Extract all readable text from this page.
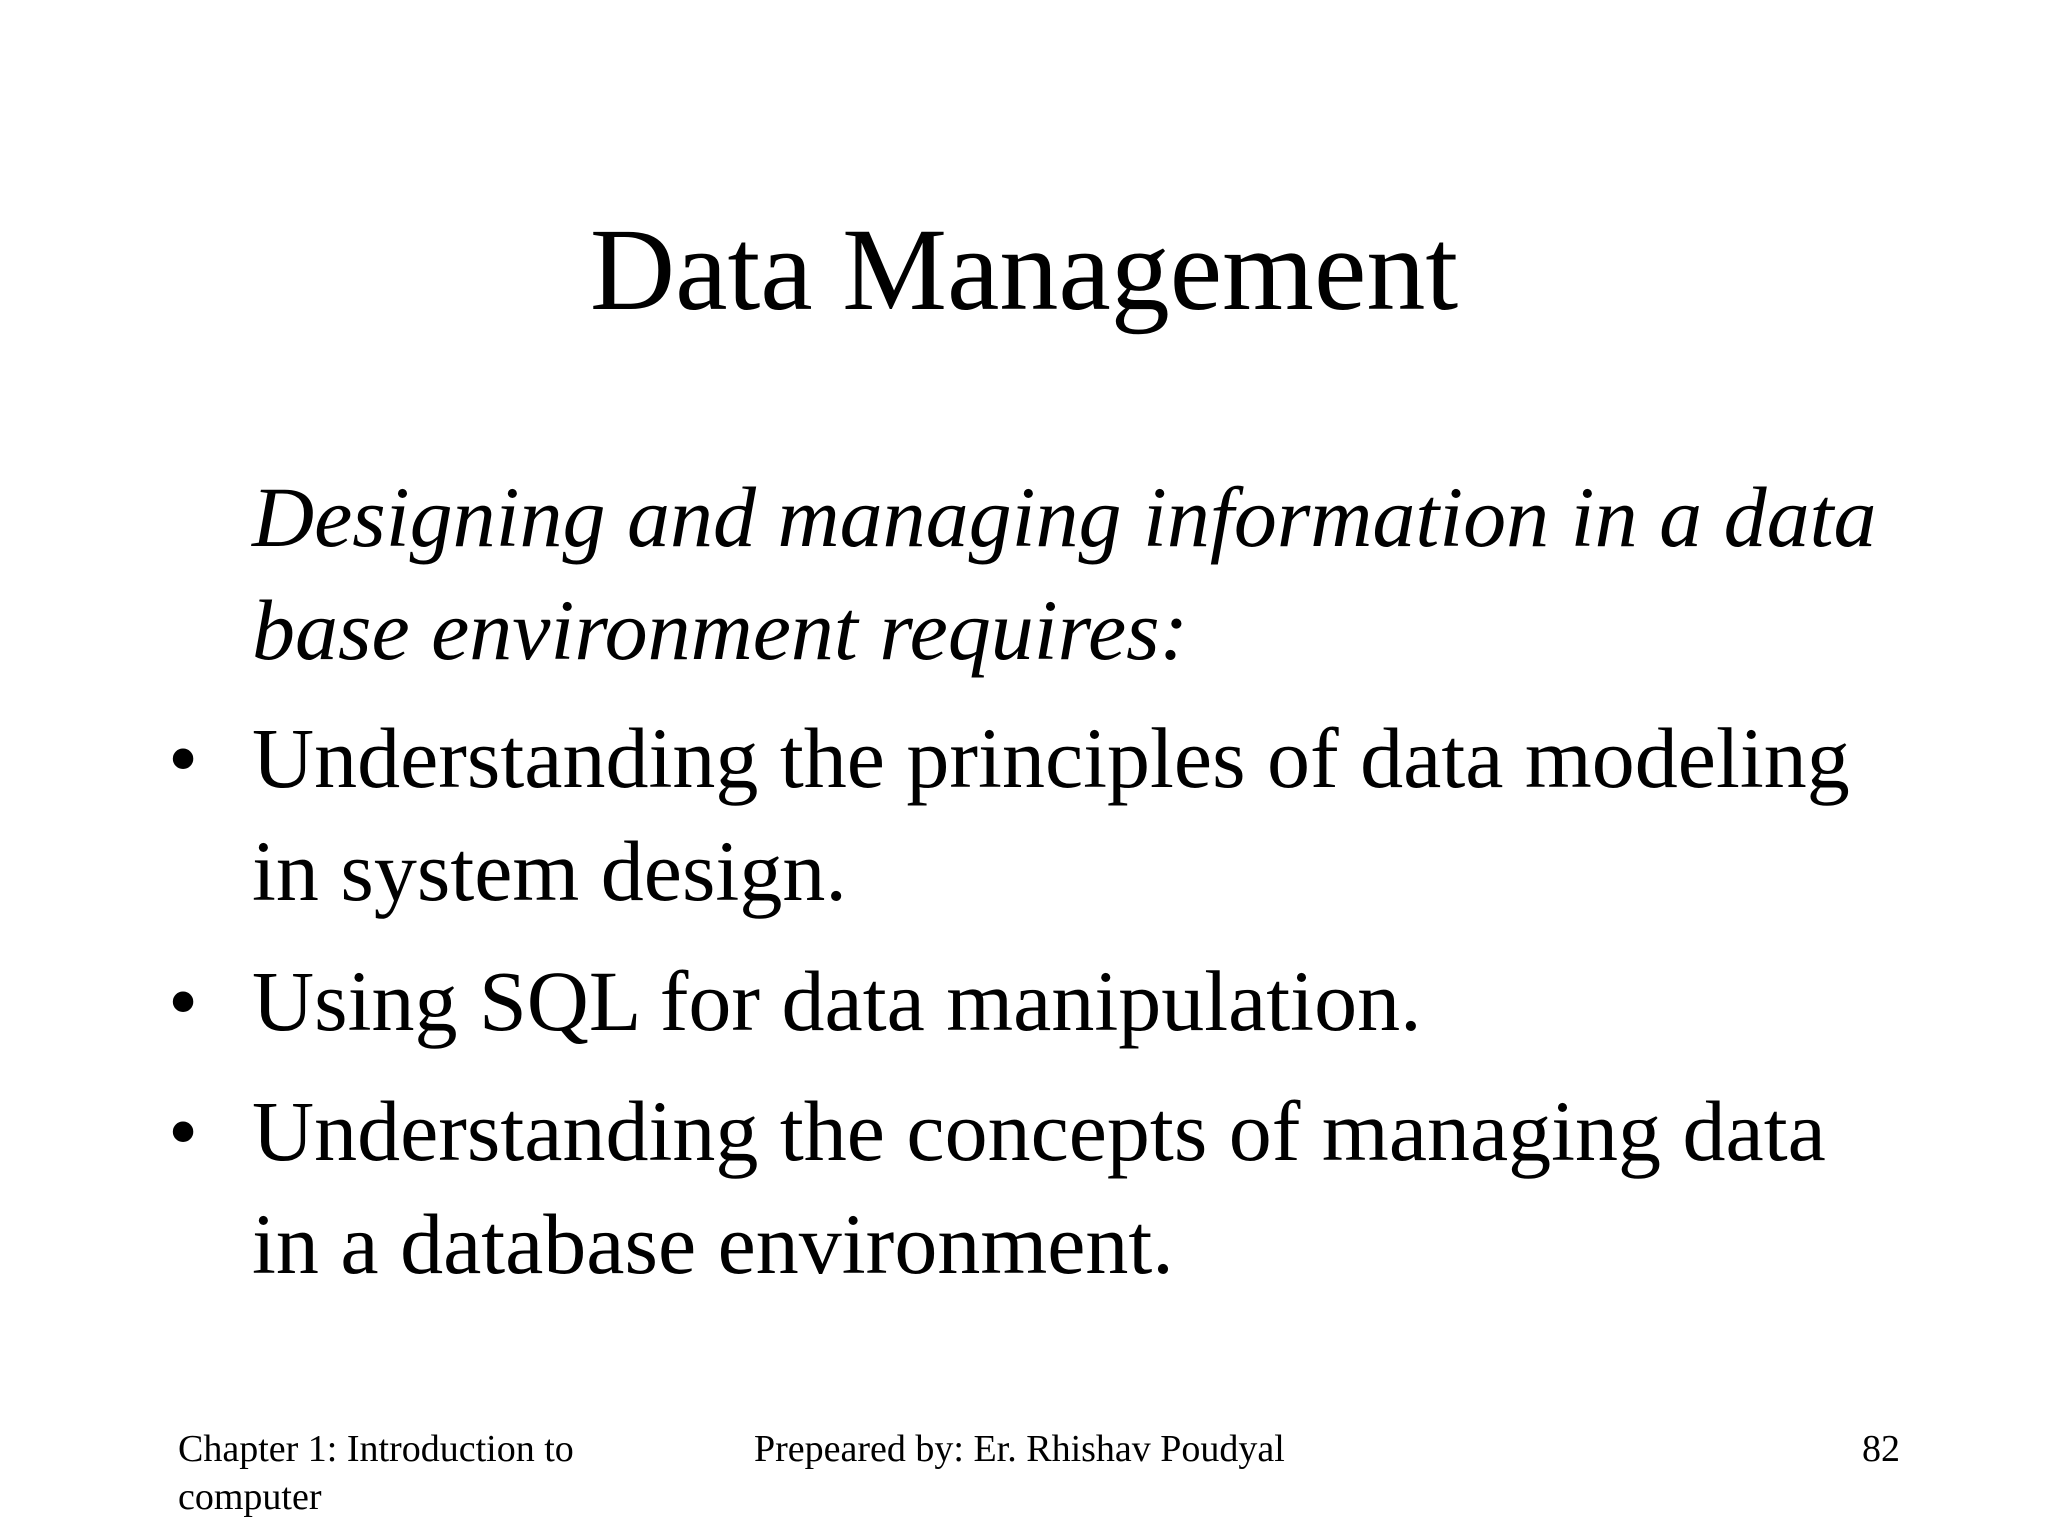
Data Management

Designing and managing information in a data base environment requires:

• Understanding the principles of data modeling in system design.
• Using SQL for data manipulation.
• Understanding the concepts of managing data in a database environment.
Chapter 1: Introduction to computer
Prepeared by: Er. Rhishav Poudyal	82
